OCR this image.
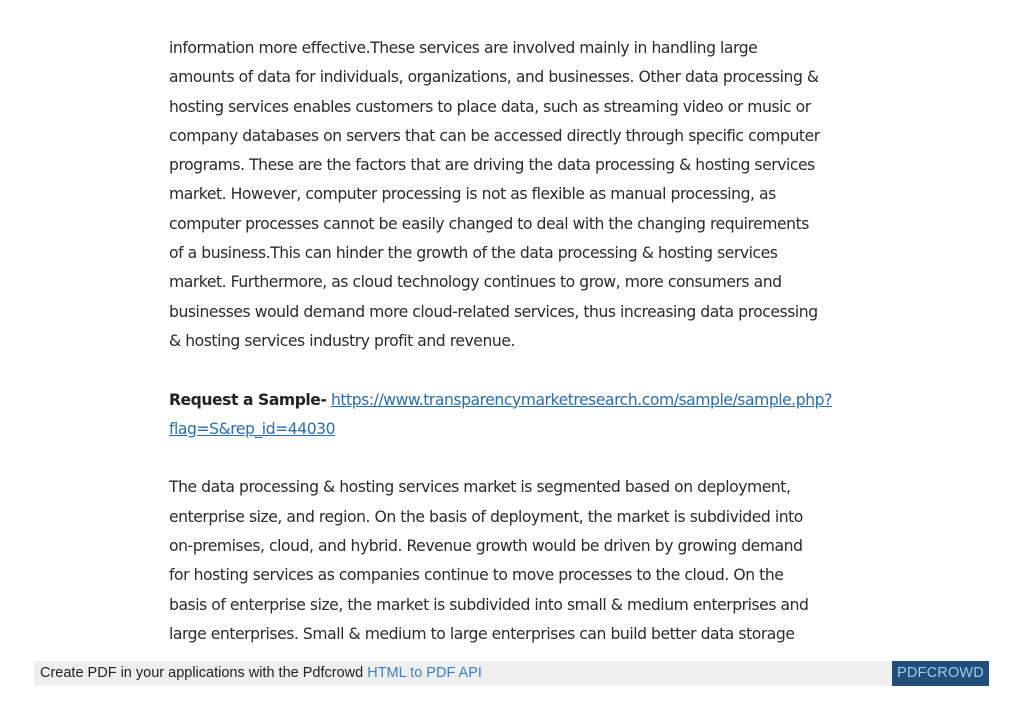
information more effective.These services are involved mainly in handling large
amounts of data for individuals, organizations, and businesses. Other data processing &
hosting services enables customers to place data, such as streaming video or music or
company databases on servers that can be accessed directly through specific computer
programs. These are the factors that are driving the data processing & hosting services
market. However, computer processing is not as flexible as manual processing, as
computer processes cannot be easily changed to deal with the changing requirements
of a business.This can hinder the growth of the data processing & hosting services
market. Furthermore, as cloud technology continues to grow, more consumers and
businesses would demand more cloud-related services, thus increasing data processing
& hosting services industry profit and revenue.

Request a Sample- https://www.transparencymarketresearch.com/sample/sample.php?
flag=S&rep_id=44030

The data processing & hosting services market is segmented based on deployment,
enterprise size, and region. On the basis of deployment, the market is subdivided into
on-premises, cloud, and hybrid. Revenue growth would be driven by growing demand
for hosting services as companies continue to move processes to the cloud. On the
basis of enterprise size, the market is subdivided into small & medium enterprises and
large enterprises. Small & medium to large enterprises can build better data storage

Create PDF in your applications with the Pdfcrowd HTML to PDF API	PDFCROWD
